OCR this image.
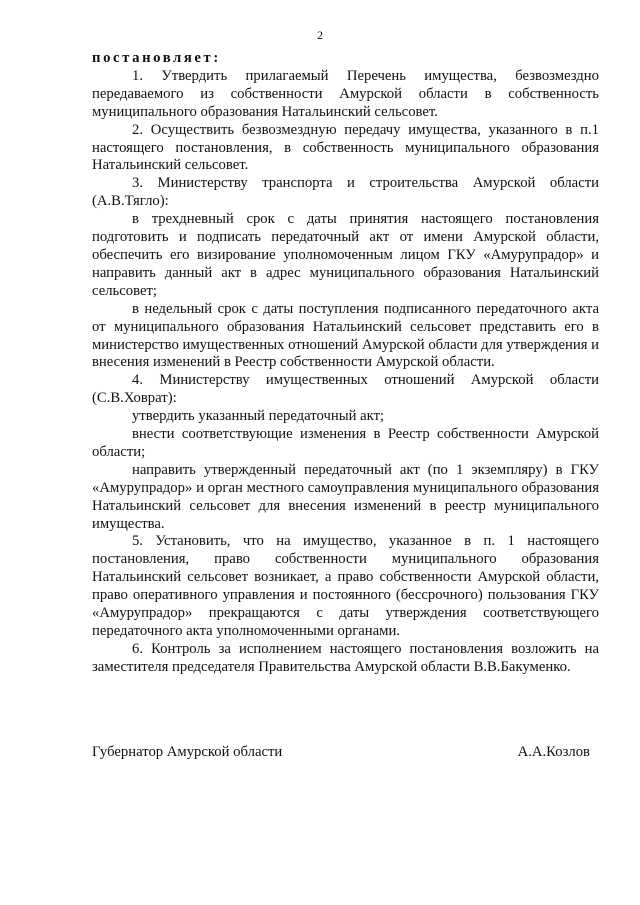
2

постановляет:

1. Утвердить прилагаемый Перечень имущества, безвозмездно передаваемого из собственности Амурской области в собственность муниципального образования Натальинский сельсовет.

2. Осуществить безвозмездную передачу имущества, указанного в п.1 настоящего постановления, в собственность муниципального образования Натальинский сельсовет.

3. Министерству транспорта и строительства Амурской области (А.В.Тягло):

в трехдневный срок с даты принятия настоящего постановления подготовить и подписать передаточный акт от имени Амурской области, обеспечить его визирование уполномоченным лицом ГКУ «Амурупрадор» и направить данный акт в адрес муниципального образования Натальинский сельсовет;

в недельный срок с даты поступления подписанного передаточного акта от муниципального образования Натальинский сельсовет представить его в министерство имущественных отношений Амурской области для утверждения и внесения изменений в Реестр собственности Амурской области.

4. Министерству имущественных отношений Амурской области (С.В.Ховрат):

утвердить указанный передаточный акт;

внести соответствующие изменения в Реестр собственности Амурской области;

направить утвержденный передаточный акт (по 1 экземпляру) в ГКУ «Амурупрадор» и орган местного самоуправления муниципального образования Натальинский сельсовет для внесения изменений в реестр муниципального имущества.

5. Установить, что на имущество, указанное в п. 1 настоящего постановления, право собственности муниципального образования Натальинский сельсовет возникает, а право собственности Амурской области, право оперативного управления и постоянного (бессрочного) пользования ГКУ «Амурупрадор» прекращаются с даты утверждения соответствующего передаточного акта уполномоченными органами.

6. Контроль за исполнением настоящего постановления возложить на заместителя председателя Правительства Амурской области В.В.Бакуменко.

Губернатор Амурской области	А.А.Козлов
